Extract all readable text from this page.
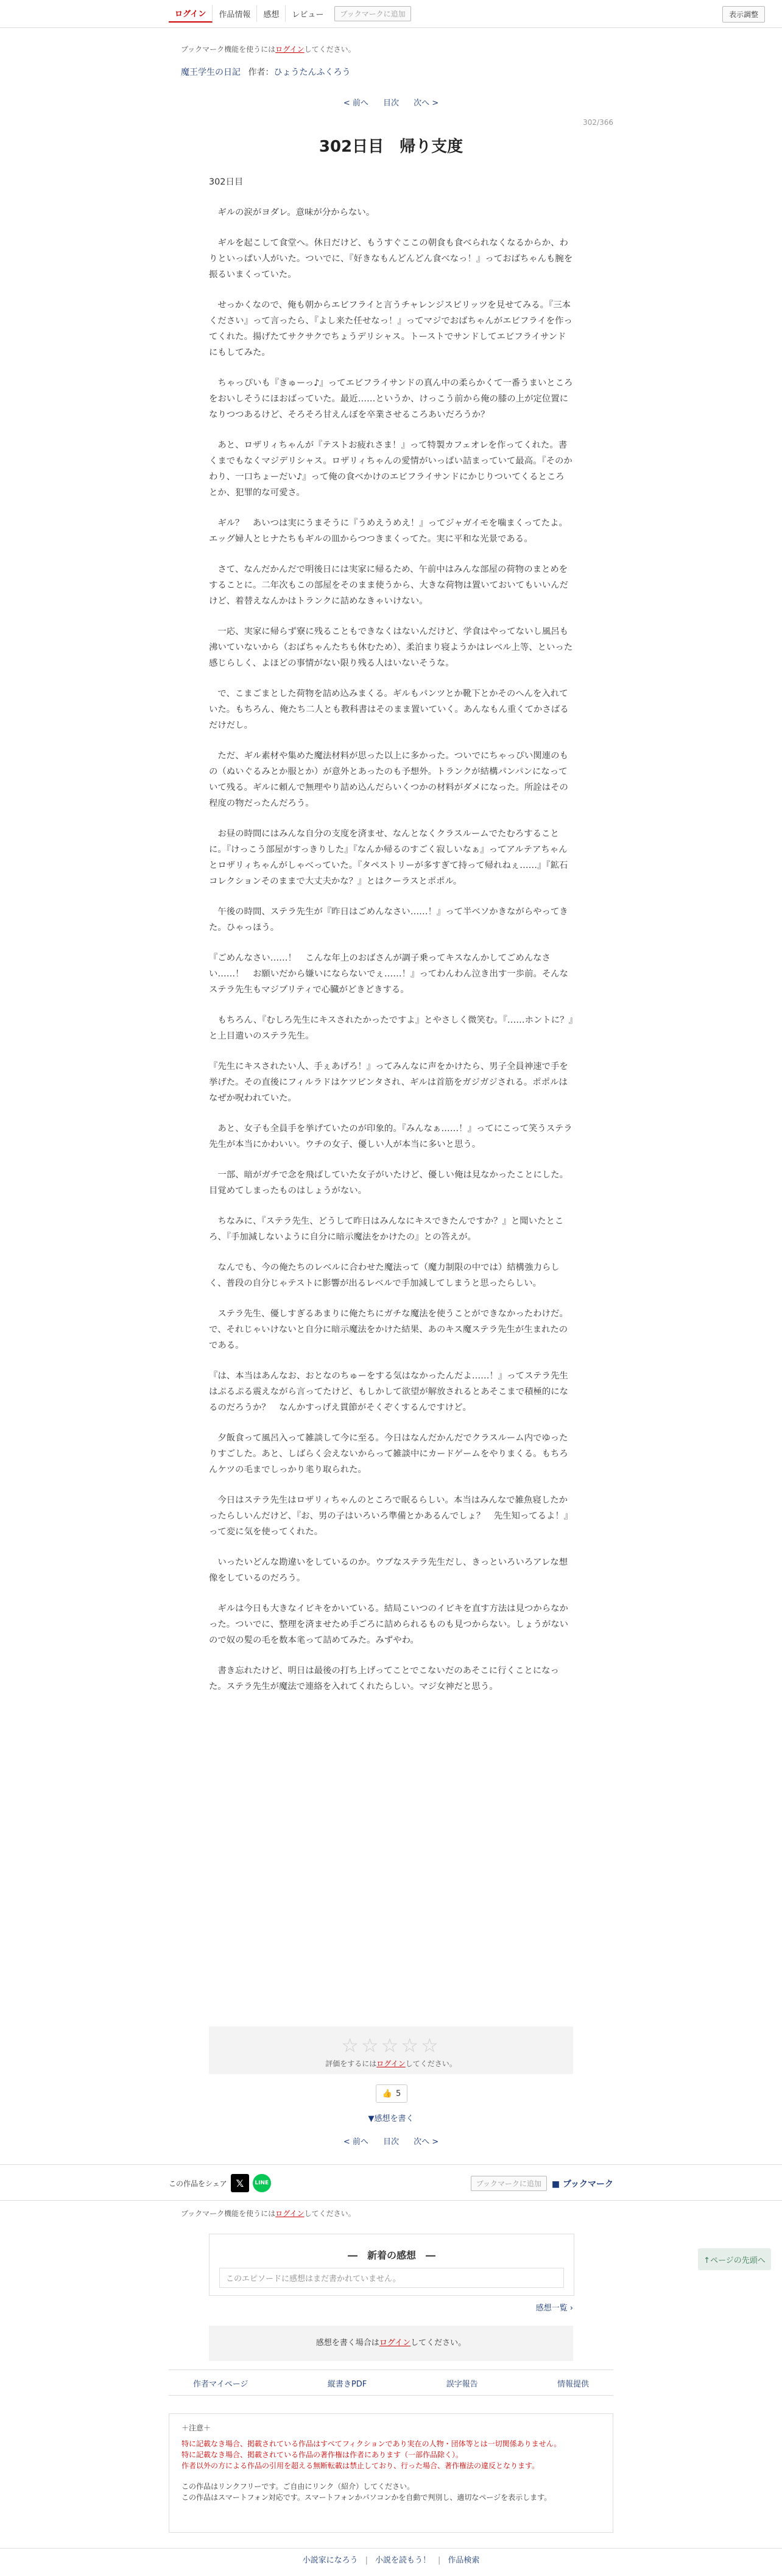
ログイン	作品情報	感想	レビュー	ブックマークに追加	表示調整
ブックマーク機能を使うにはログインしてください。
魔王学生の日記 作者：ひょうたんふくろう
< 前へ 目次 次へ >
302/366
302日目　帰り支度

302日目

　ギルの涙がヨダレ。意味が分からない。

　ギルを起こして食堂へ。休日だけど、もうすぐここの朝食も食べられなくなるからか、わりといっぱい人がいた。ついでに、『好きなもんどんどん食べなっ！』っておばちゃんも腕を振るいまくっていた。

　せっかくなので、俺も朝からエビフライと言うチャレンジスピリッツを見せてみる。『三本ください』って言ったら、『よし来た任せなっ！』ってマジでおばちゃんがエビフライを作ってくれた。揚げたてサクサクでちょうデリシャス。トーストでサンドしてエビフライサンドにもしてみた。

　ちゃっぴいも『きゅーっ♪』ってエビフライサンドの真ん中の柔らかくて一番うまいところをおいしそうにほおばっていた。最近……というか、けっこう前から俺の膝の上が定位置になりつつあるけど、そろそろ甘えんぼを卒業させるころあいだろうか？

　あと、ロザリィちゃんが『テストお疲れさま！』って特製カフェオレを作ってくれた。書くまでもなくマジデリシャス。ロザリィちゃんの愛情がいっぱい詰まっていて最高。『そのかわり、一口ちょーだい♪』って俺の食べかけのエビフライサンドにかじりついてくるところとか、犯罪的な可愛さ。

　ギル？　あいつは実にうまそうに『うめえうめえ！』ってジャガイモを噛まくってたよ。エッグ婦人とヒナたちもギルの皿からつつきまくってた。実に平和な光景である。

　さて、なんだかんだで明後日には実家に帰るため、午前中はみんな部屋の荷物のまとめをすることに。二年次もこの部屋をそのまま使うから、大きな荷物は置いておいてもいいんだけど、着替えなんかはトランクに詰めなきゃいけない。

　一応、実家に帰らず寮に残ることもできなくはないんだけど、学食はやってないし風呂も沸いていないから（おばちゃんたちも休むため）、柔泊まり寝ようかはレベル上等、といった感じらしく、よほどの事情がない限り残る人はいないそうな。

　で、こまごまとした荷物を詰め込みまくる。ギルもパンツとか靴下とかそのへんを入れていた。もちろん、俺たち二人とも教科書はそのまま置いていく。あんなもん重くてかさばるだけだし。

　ただ、ギル素材や集めた魔法材料が思った以上に多かった。ついでにちゃっぴい関連のもの（ぬいぐるみとか服とか）が意外とあったのも予想外。トランクが結構パンパンになっていて残る。ギルに頼んで無理やり詰め込んだらいくつかの材料がダメになった。所詮はその程度の物だったんだろう。

　お昼の時間にはみんな自分の支度を済ませ、なんとなくクラスルームでたむろすることに。『けっこう部屋がすっきりした』『なんか帰るのすごく寂しいなぁ』ってアルテアちゃんとロザリィちゃんがしゃべっていた。『タペストリーが多すぎて持って帰れねぇ……』『鉱石コレクションそのままで大丈夫かな？』とはクーラスとポポル。

　午後の時間、ステラ先生が『昨日はごめんなさい……！』って半ベソかきながらやってきた。ひゃっほう。

『ごめんなさい……！　こんな年上のおばさんが調子乗ってキスなんかしてごめんなさい……！　お願いだから嫌いにならないでぇ……！』ってわんわん泣き出す一歩前。そんなステラ先生もマジプリティで心臓がどきどきする。

　もちろん、『むしろ先生にキスされたかったですよ』とやさしく微笑む。『……ホントに？』と上目遣いのステラ先生。

『先生にキスされたい人、手ぇあげろ！』ってみんなに声をかけたら、男子全員神速で手を挙げた。その直後にフィルラドはケツピンタされ、ギルは首筋をガジガジされる。ポポルはなぜか呪われていた。

　あと、女子も全員手を挙げていたのが印象的。『みんなぁ……！』ってにこって笑うステラ先生が本当にかわいい。ウチの女子、優しい人が本当に多いと思う。

　一部、暗がガチで念を飛ばしていた女子がいたけど、優しい俺は見なかったことにした。目覚めてしまったものはしょうがない。

　ちなみに、『ステラ先生、どうして昨日はみんなにキスできたんですか？』と聞いたところ、『手加減しないように自分に暗示魔法をかけたの』との答えが。

　なんでも、今の俺たちのレベルに合わせた魔法って（魔力制限の中では）結構強力らしく、普段の自分じゃテストに影響が出るレベルで手加減してしまうと思ったらしい。

　ステラ先生、優しすぎるあまりに俺たちにガチな魔法を使うことができなかったわけだ。で、それじゃいけないと自分に暗示魔法をかけた結果、あのキス魔ステラ先生が生まれたのである。

『は、本当はあんなお、おとなのちゅーをする気はなかったんだよ……！』ってステラ先生はぷるぷる震えながら言ってたけど、もしかして欲望が解放されるとあそこまで積極的になるのだろうか？　なんかすっげえ貫節がそくぞくするんですけど。

　夕飯食って風呂入って雑談して今に至る。今日はなんだかんだでクラスルーム内でゆったりすごした。あと、しばらく会えないからって雑談中にカードゲームをやりまくる。もちろんケツの毛までしっかり毟り取られた。

　今日はステラ先生はロザリィちゃんのところで眠るらしい。本当はみんなで雑魚寝したかったらしいんだけど、『お、男の子はいろいろ準備とかあるんでしょ？　先生知ってるよ！』って変に気を使ってくれた。

　いったいどんな勘違いをしているのか。ウブなステラ先生だし、きっといろいろアレな想像をしているのだろう。

　ギルは今日も大きなイビキをかいている。結局こいつのイビキを直す方法は見つからなかった。ついでに、整理を済ませため手ごろに詰められるものも見つからない。しょうがないので奴の髪の毛を数本毟って詰めてみた。みずやわ。

　書き忘れたけど、明日は最後の打ち上げってことでこないだのあそこに行くことになった。ステラ先生が魔法で連絡を入れてくれたらしい。マジ女神だと思う。

☆☆☆☆☆
評価をするにはログインしてください。
👍 5
▼感想を書く
< 前へ 目次 次へ >
この作品をシェア 𝕏	LINE	ブックマークに追加	■ ブックマーク
ブックマーク機能を使うにはログインしてください。
―　新着の感想　―
このエピソードに感想はまだ書かれていません。
↑ページの先頭へ
感想一覧 ›
感想を書く場合はログインしてください。
作者マイページ	縦書きPDF	誤字報告	情報提供
＋注意＋
特に記載なき場合、掲載されている作品はすべてフィクションであり実在の人物・団体等とは一切関係ありません。
特に記載なき場合、掲載されている作品の著作権は作者にあります（一部作品除く）。
作者以外の方による作品の引用を超える無断転載は禁止しており、行った場合、著作権法の違反となります。
この作品はリンクフリーです。ご自由にリンク（紹介）してください。
この作品はスマートフォン対応です。スマートフォンかパソコンかを自動で判別し、適切なページを表示します。
小説家になろう | 小説を読もう！ | 作品検索
